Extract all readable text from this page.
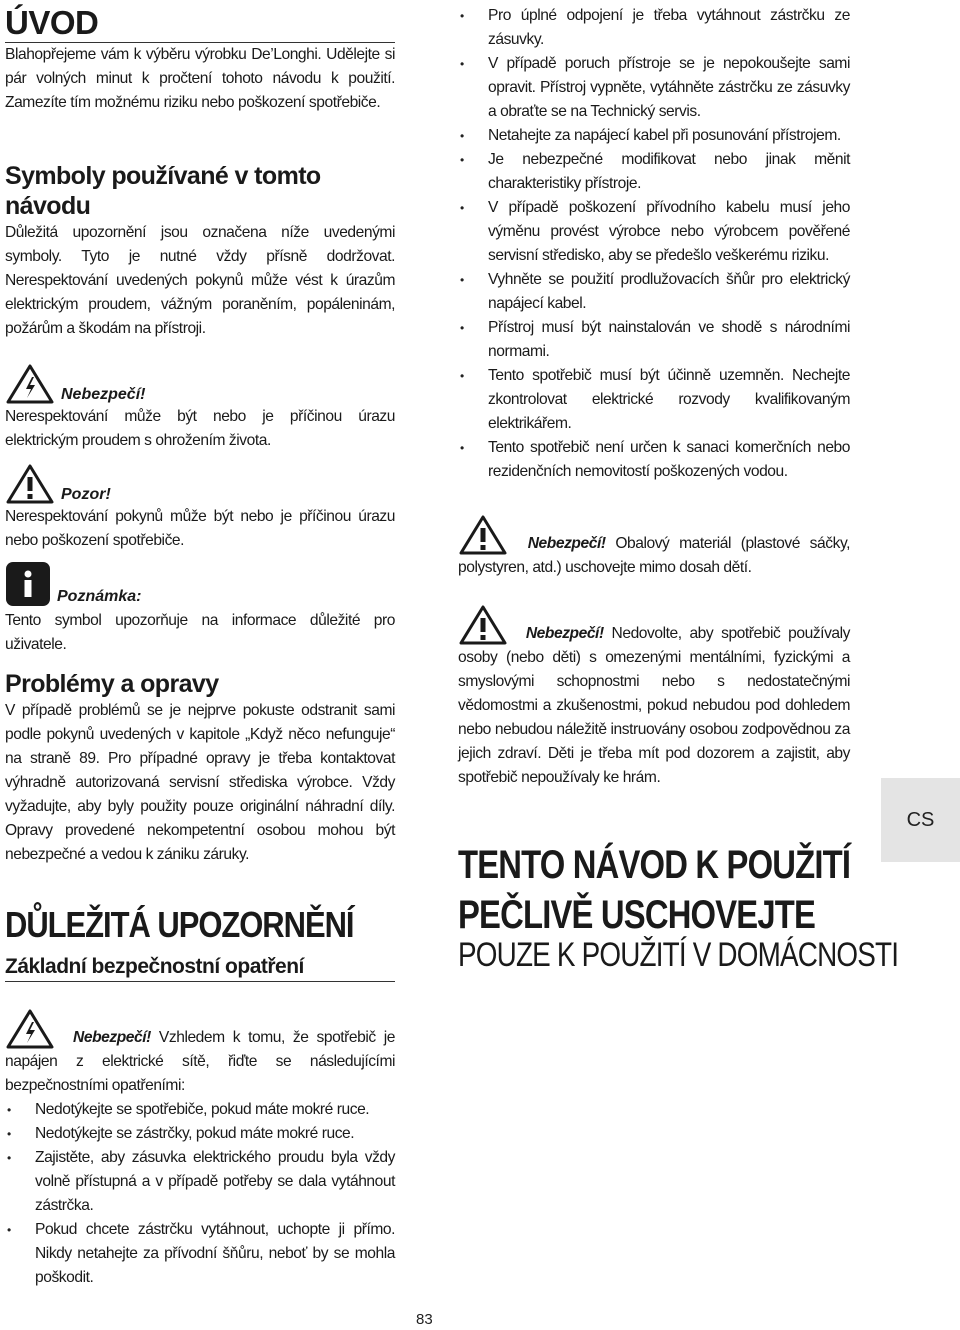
ÚVOD

Blahopřejeme vám k výběru výrobku De’Longhi. Udělejte si pár volných minut k pročtení tohoto návodu k použití. Zamezíte tím možnému riziku nebo poškození spotřebiče.

Symboly používané v tomto návodu

Důležitá upozornění jsou označena níže uvedenými symboly. Tyto je nutné vždy přísně dodržovat. Nerespektování uvedených pokynů může vést k úrazům elektrickým proudem, vážným poraněním, popáleninám, požárům a škodám na přístroji.

Nebezpečí!

Nerespektování může být nebo je příčinou úrazu elektrickým proudem s ohrožením života.

Pozor!

Nerespektování pokynů může být nebo je příčinou úrazu nebo poškození spotřebiče.

Poznámka:

Tento symbol upozorňuje na informace důležité pro uživatele.

Problémy a opravy

V případě problémů se je nejprve pokuste odstranit sami podle pokynů uvedených v kapitole „Když něco nefunguje“ na straně 89. Pro případné opravy je třeba kontaktovat výhradně autorizovaná servisní střediska výrobce. Vždy vyžadujte, aby byly použity pouze originální náhradní díly. Opravy provedené nekompetentní osobou mohou být nebezpečné a vedou k zániku záruky.

DŮLEŽITÁ UPOZORNĚNÍ
Základní bezpečnostní opatření
Nebezpečí! Vzhledem k tomu, že spotřebič je napájen z elektrické sítě, řiďte se následujícími bezpečnostními opatřeními:
• Nedotýkejte se spotřebiče, pokud máte mokré ruce.
• Nedotýkejte se zástrčky, pokud máte mokré ruce.
• Zajistěte, aby zásuvka elektrického proudu byla vždy volně přístupná a v případě potřeby se dala vytáhnout zástrčka.
• Pokud chcete zástrčku vytáhnout, uchopte ji přímo. Nikdy netahejte za přívodní šňůru, neboť by se mohla poškodit.
• Pro úplné odpojení je třeba vytáhnout zástrčku ze zásuvky.
• V případě poruch přístroje se je nepokoušejte sami opravit. Přístroj vypněte, vytáhněte zástrčku ze zásuvky a obraťte se na Technický servis.
• Netahejte za napájecí kabel při posunování přístrojem.
• Je nebezpečné modifikovat nebo jinak měnit charakteristiky přístroje.
• V případě poškození přívodního kabelu musí jeho výměnu provést výrobce nebo výrobcem pověřené servisní středisko, aby se předešlo veškerému riziku.
• Vyhněte se použití prodlužovacích šňůr pro elektrický napájecí kabel.
• Přístroj musí být nainstalován ve shodě s národními normami.
• Tento spotřebič musí být účinně uzemněn. Nechejte zkontrolovat elektrické rozvody kvalifikovaným elektrikářem.
• Tento spotřebič není určen k sanaci komerčních nebo rezidenčních nemovitostí poškozených vodou.
Nebezpečí! Obalový materiál (plastové sáčky, polystyren, atd.) uschovejte mimo dosah dětí.
Nebezpečí! Nedovolte, aby spotřebič používaly osoby (nebo děti) s omezenými mentálními, fyzickými a smyslovými schopnostmi nebo s nedostatečnými vědomostmi a zkušenostmi, pokud nebudou pod dohledem nebo nebudou náležitě instruovány osobou zodpovědnou za jejich zdraví. Děti je třeba mít pod dozorem a zajistit, aby spotřebič nepoužívaly ke hrám.
TENTO NÁVOD K POUŽITÍ
PEČLIVĚ USCHOVEJTE
POUZE K POUŽITÍ V DOMÁCNOSTI
CS
83
